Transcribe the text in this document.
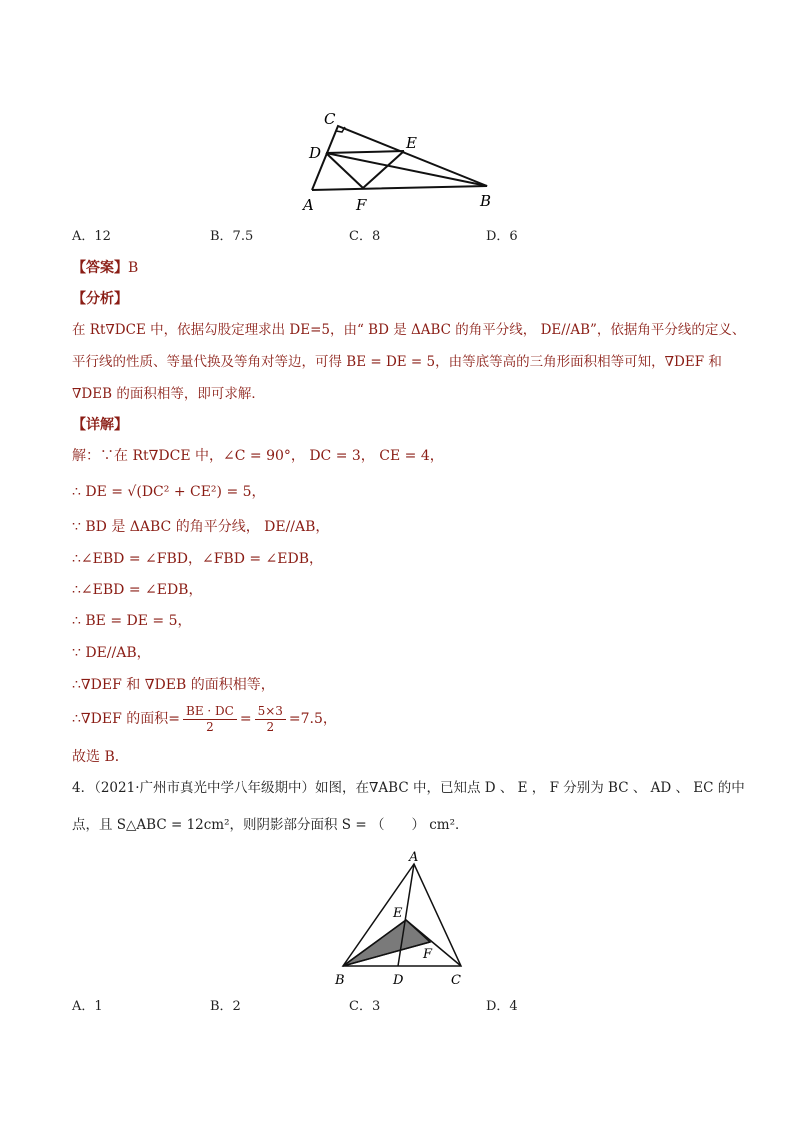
C
E
D
A	F	B
A．12	B．7.5	C．8	D．6
【答案】B
【分析】
在 Rt∇DCE 中，依据勾股定理求出 DE=5，由“ BD 是 ΔABC 的角平分线， DE//AB”，依据角平分线的定义、
平行线的性质、等量代换及等角对等边，可得 BE = DE = 5，由等底等高的三角形面积相等可知，∇DEF 和
∇DEB 的面积相等，即可求解．
【详解】
解：∵在 Rt∇DCE 中，∠C = 90°， DC = 3， CE = 4，
∴ DE = √(DC² + CE²) = 5，
∵ BD 是 ΔABC 的角平分线， DE//AB，
∴∠EBD = ∠FBD，∠FBD = ∠EDB，
∴∠EBD = ∠EDB，
∴ BE = DE = 5，
∵ DE//AB，
∴∇DEF 和 ∇DEB 的面积相等，
∴∇DEF 的面积= $\frac{BE \cdot DC}{2} = \frac{5\times 3}{2} =7.5$，
故选 B．
4．（2021·广州市真光中学八年级期中）如图，在∇ABC 中，已知点 D 、 E ， F 分别为 BC 、 AD 、 EC 的中
点，且 S△ABC = 12cm²，则阴影部分面积 S = （　　） cm²．
A
E
F
B	D	C
A．1	B．2	C．3	D．4
